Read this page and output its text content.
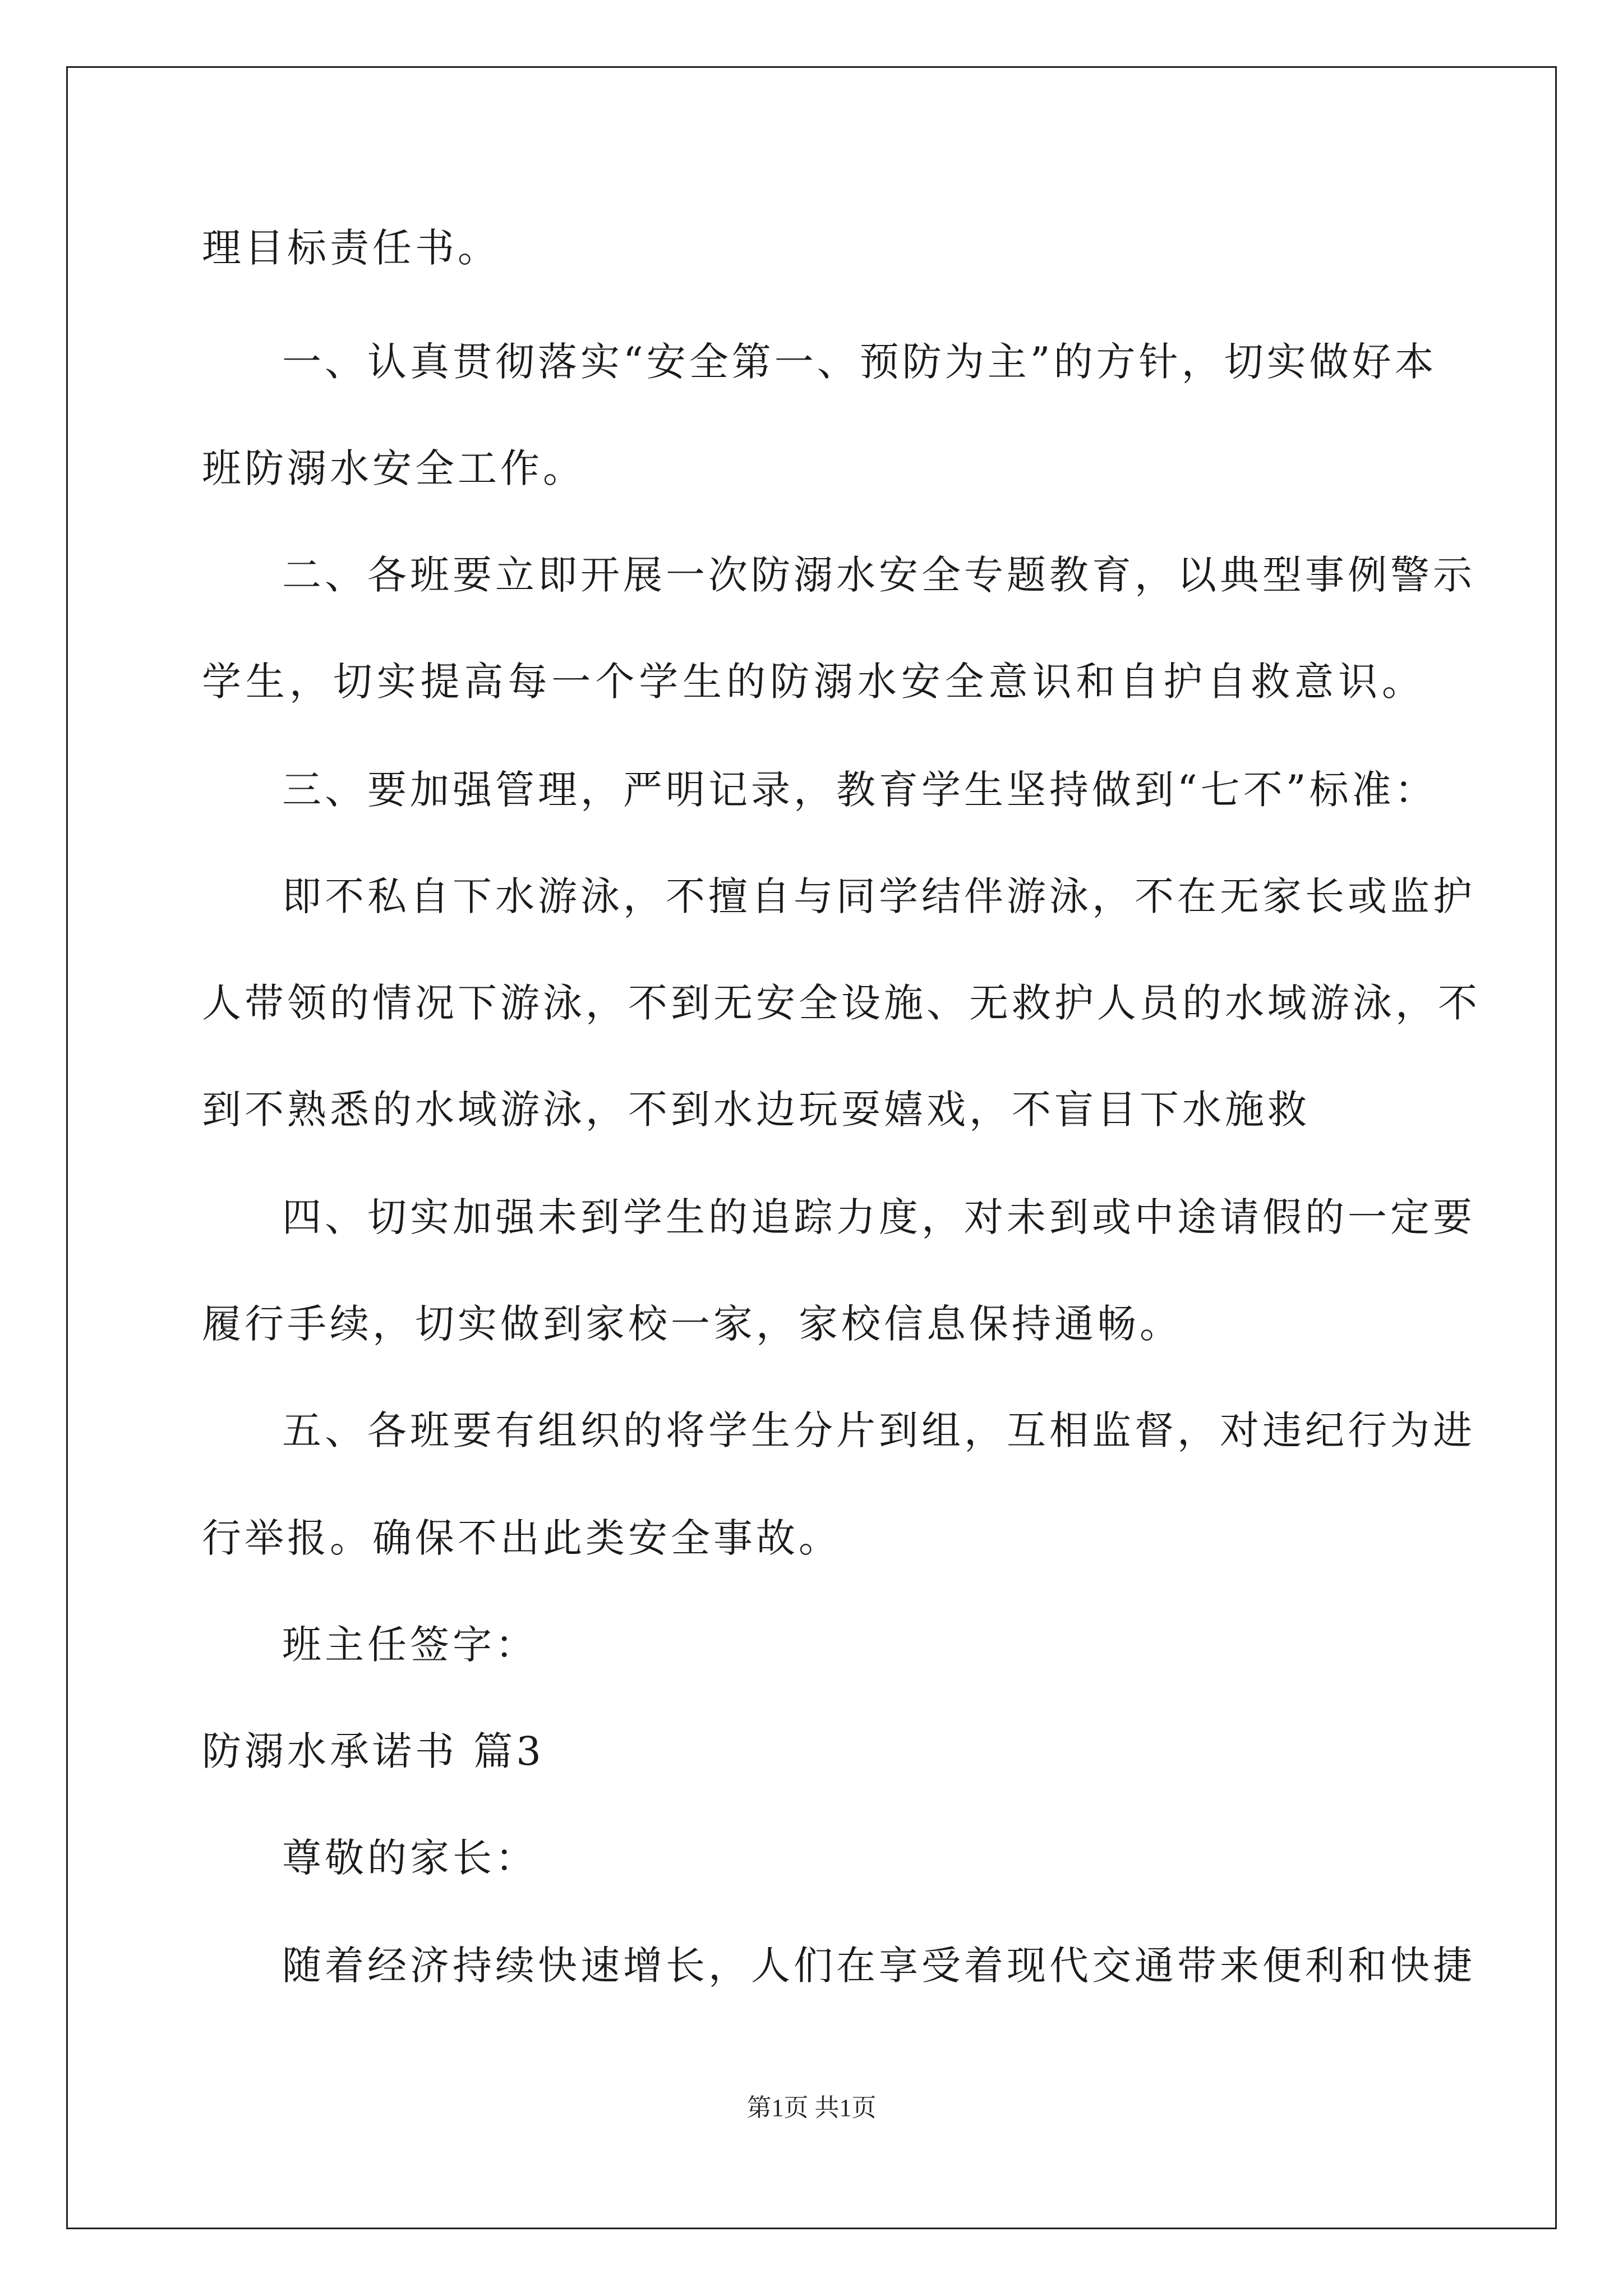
理目标责任书。
一、认真贯彻落实“安全第一、预防为主”的方针，切实做好本
班防溺水安全工作。
二、各班要立即开展一次防溺水安全专题教育，以典型事例警示
学生，切实提高每一个学生的防溺水安全意识和自护自救意识。
三、要加强管理，严明记录，教育学生坚持做到“七不”标准：
即不私自下水游泳，不擅自与同学结伴游泳，不在无家长或监护
人带领的情况下游泳，不到无安全设施、无救护人员的水域游泳，不
到不熟悉的水域游泳，不到水边玩耍嬉戏，不盲目下水施救
四、切实加强未到学生的追踪力度，对未到或中途请假的一定要
履行手续，切实做到家校一家，家校信息保持通畅。
五、各班要有组织的将学生分片到组，互相监督，对违纪行为进
行举报。确保不出此类安全事故。
班主任签字：
防溺水承诺书 篇3
尊敬的家长：
随着经济持续快速增长，人们在享受着现代交通带来便利和快捷
第1页 共1页
